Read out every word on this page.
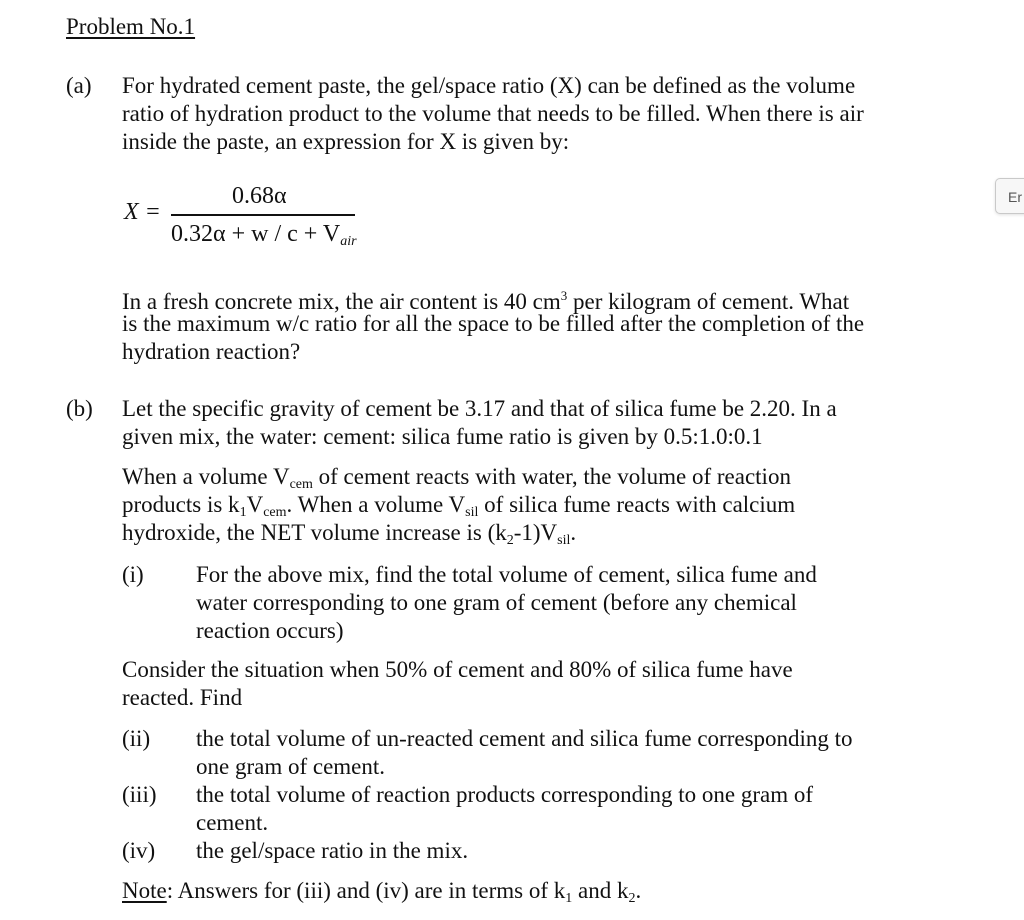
Problem No.1
(a) For hydrated cement paste, the gel/space ratio (X) can be defined as the volume
ratio of hydration product to the volume that needs to be filled. When there is air
inside the paste, an expression for X is given by:
X =
0.68α
$0.32\alpha + w / c + V_{air}$
In a fresh concrete mix, the air content is 40 $cm^3$ per kilogram of cement. What
is the maximum w/c ratio for all the space to be filled after the completion of the
hydration reaction?
(b) Let the specific gravity of cement be 3.17 and that of silica fume be 2.20. In a
given mix, the water: cement: silica fume ratio is given by 0.5:1.0:0.1
When a volume $V_{cem}$ of cement reacts with water, the volume of reaction
products is $k_1V_{cem}$. When a volume $V_{sil}$ of silica fume reacts with calcium
hydroxide, the NET volume increase is $(k_2-1)V_{sil}$.
(i) For the above mix, find the total volume of cement, silica fume and
water corresponding to one gram of cement (before any chemical
reaction occurs)
Consider the situation when 50% of cement and 80% of silica fume have
reacted. Find
(ii) the total volume of un-reacted cement and silica fume corresponding to
one gram of cement.
(iii) the total volume of reaction products corresponding to one gram of
cement.
(iv) the gel/space ratio in the mix.
Note: Answers for (iii) and (iv) are in terms of $k_1$ and $k_2$.
Er
